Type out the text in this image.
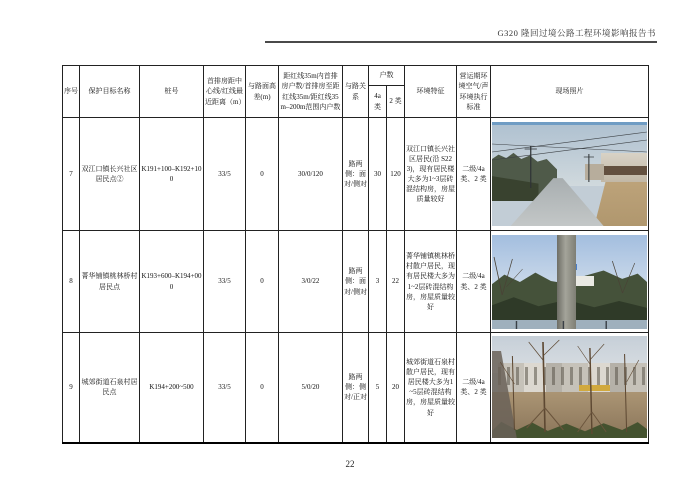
G320 隆回过境公路工程环境影响报告书
序号	保护目标名称	桩号	首排房距中心线/红线最近距离（m）	与路面高差(m)	距红线35m内首排房户数/首排房至距红线35m/距红线35m–200m范围内户数	与路关系	户数		环境特征	营运期环境空气/声环境执行标准	现场照片
							4a 类	2 类			
7	双江口镇长兴社区居民点②	K191+100–K192+100	33/5	0	30/0/120	路两侧：面对/侧对	30	120	双江口镇长兴社区居民(沿 S223)，现有居民楼大多为1~3层砖混结构房，房屋质量较好	二级/4a 类、2 类	

8	菁华铺镇桃林桥村居民点	K193+600–K194+000	33/5	0	3/0/22	路两侧：面对/侧对	3	22	菁华铺镇桃林桥村散户居民，现有居民楼大多为1~2层砖混结构房，房屋质量较好	二级/4a 类、2 类	

9	城郊街道石泉村居民点	K194+200~500	33/5	0	5/0/20	路两侧：侧对/正对	5	20	城郊街道石泉村散户居民，现有居民楼大多为1~5层砖混结构房，房屋质量较好	二级/4a 类、2 类	
22
